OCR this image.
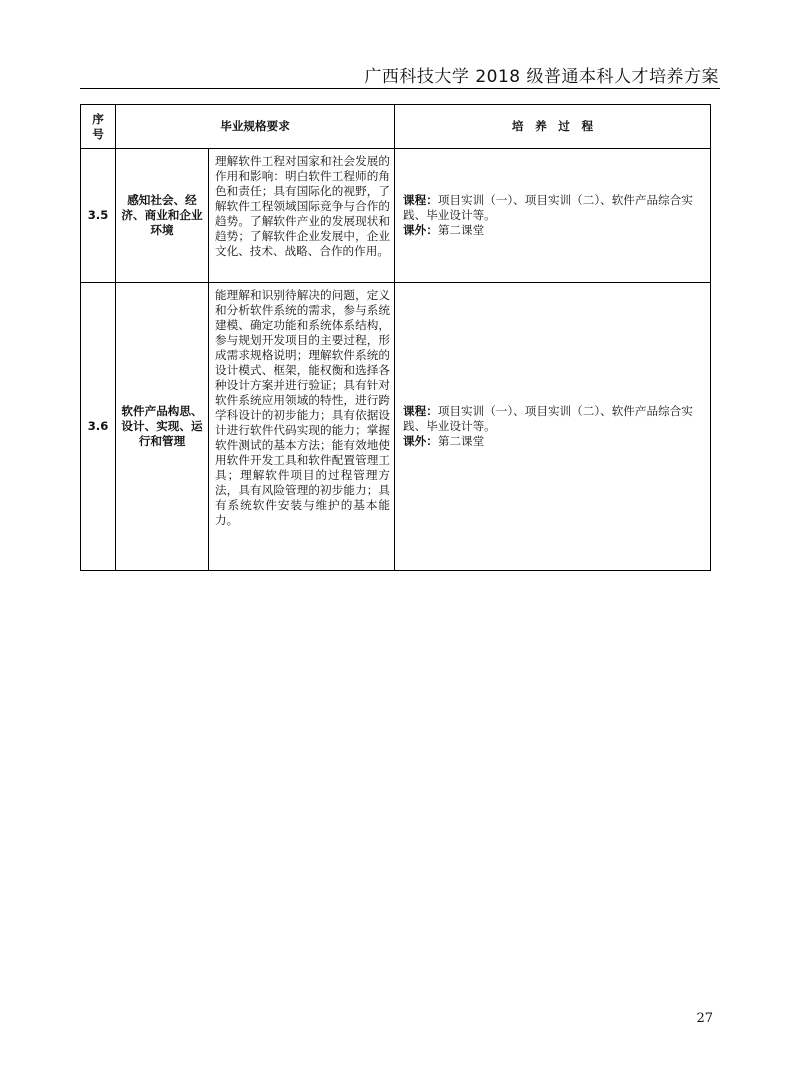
广西科技大学 2018 级普通本科人才培养方案
序
号	毕业规格要求		培　养　过　程
3.5	感知社会、经济、商业和企业环境	理解软件工程对国家和社会发展的作用和影响：明白软件工程师的角色和责任；具有国际化的视野，了解软件工程领域国际竞争与合作的趋势。了解软件产业的发展现状和趋势；了解软件企业发展中，企业文化、技术、战略、合作的作用。	课程：项目实训（一）、项目实训（二）、软件产品综合实践、毕业设计等。
课外：第二课堂

3.6	软件产品构思、设计、实现、运行和管理	能理解和识别待解决的问题，定义和分析软件系统的需求，参与系统建模、确定功能和系统体系结构，参与规划开发项目的主要过程，形成需求规格说明；理解软件系统的设计模式、框架，能权衡和选择各种设计方案并进行验证；具有针对软件系统应用领域的特性，进行跨学科设计的初步能力；具有依据设计进行软件代码实现的能力；掌握软件测试的基本方法；能有效地使用软件开发工具和软件配置管理工具；理解软件项目的过程管理方法，具有风险管理的初步能力；具有系统软件安装与维护的基本能力。	课程：项目实训（一）、项目实训（二）、软件产品综合实践、毕业设计等。
课外：第二课堂
27
